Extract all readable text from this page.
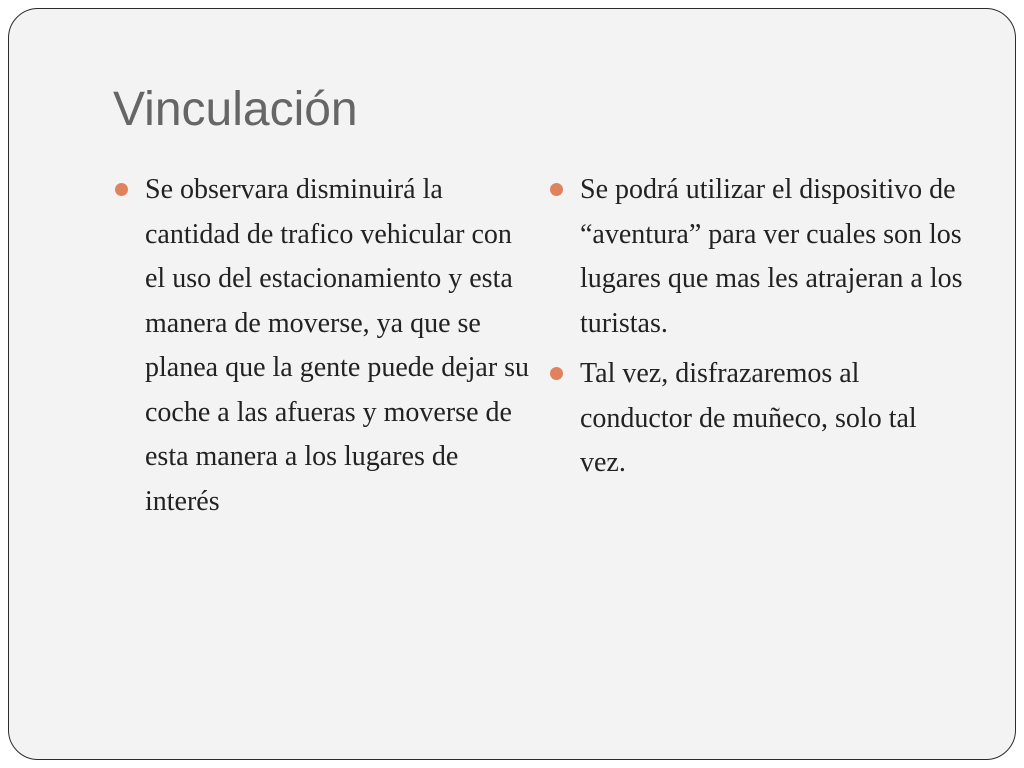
Vinculación
Se observara disminuirá la cantidad de trafico vehicular con el uso del estacionamiento y esta manera de moverse, ya que se planea que la gente puede dejar su coche a las afueras y moverse de esta manera a los lugares de interés
Se podrá utilizar el dispositivo de “aventura” para ver cuales son los lugares que mas les atrajeran a los turistas.
Tal vez, disfrazaremos al conductor de muñeco, solo tal vez.
